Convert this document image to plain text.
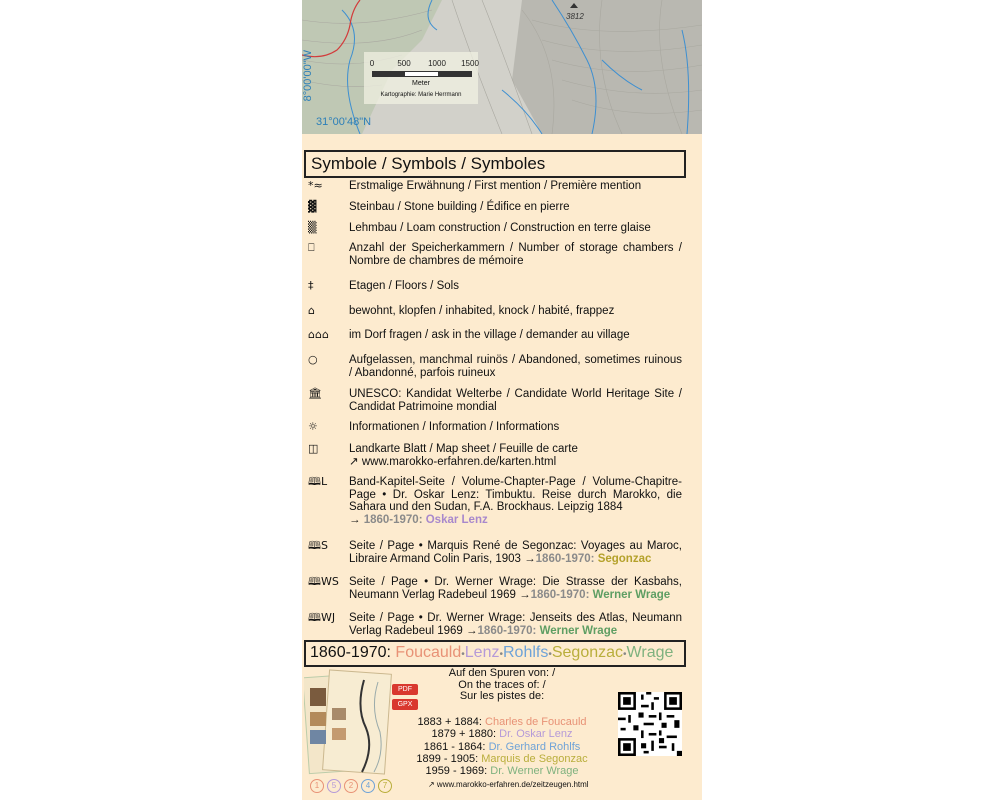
3812
0	500 1000 1500
Meter
Kartographie: Marie Herrmann
8°00'00"W
31°00'48"N
Symbole / Symbols / Symboles
*≈	Erstmalige Erwähnung / First mention / Première mention
▓	Steinbau / Stone building / Édifice en pierre
▒	Lehmbau / Loam construction / Construction en terre glaise
⎕	Anzahl der Speicherkammern / Number of storage chambers / Nombre de chambres de mémoire
‡	Etagen / Floors / Sols
⌂	bewohnt, klopfen / inhabited, knock / habité, frappez
⌂⌂⌂	im Dorf fragen / ask in the village / demander au village
○	Aufgelassen, manchmal ruinös / Abandoned, sometimes ruinous / Abandonné, parfois ruineux
🏛	UNESCO: Kandidat Welterbe / Candidate World Heritage Site / Candidat Patrimoine mondial
☼	Informationen / Information / Informations
◫	Landkarte Blatt / Map sheet / Feuille de carte
↗ www.marokko-erfahren.de/karten.html
🕮L	Band-Kapitel-Seite / Volume-Chapter-Page / Volume-Chapitre-Page • Dr. Oskar Lenz: Timbuktu. Reise durch Marokko, die Sahara und den Sudan, F.A. Brockhaus. Leipzig 1884
→ 1860-1970: Oskar Lenz
🕮S	Seite / Page • Marquis René de Segonzac: Voyages au Maroc, Libraire Armand Colin Paris, 1903 →1860-1970: Segonzac
🕮WS Seite / Page • Dr. Werner Wrage: Die Strasse der Kasbahs, Neumann Verlag Radebeul 1969 →1860-1970: Werner Wrage
🕮WJ	Seite / Page • Dr. Werner Wrage: Jenseits des Atlas, Neumann Verlag Radebeul 1969 →1860-1970: Werner Wrage
1860-1970: Foucauld•Lenz•Rohlfs•Segonzac•Wrage
PDF
GPX
Auf den Spuren von: /
On the traces of: /
Sur les pistes de:
1883 + 1884: Charles de Foucauld
1879 + 1880: Dr. Oskar Lenz
1861 - 1864: Dr. Gerhard Rohlfs
1899 - 1905: Marquis de Segonzac
1959 - 1969: Dr. Werner Wrage
↗ www.marokko-erfahren.de/zeitzeugen.html
1	5	2	4	7
